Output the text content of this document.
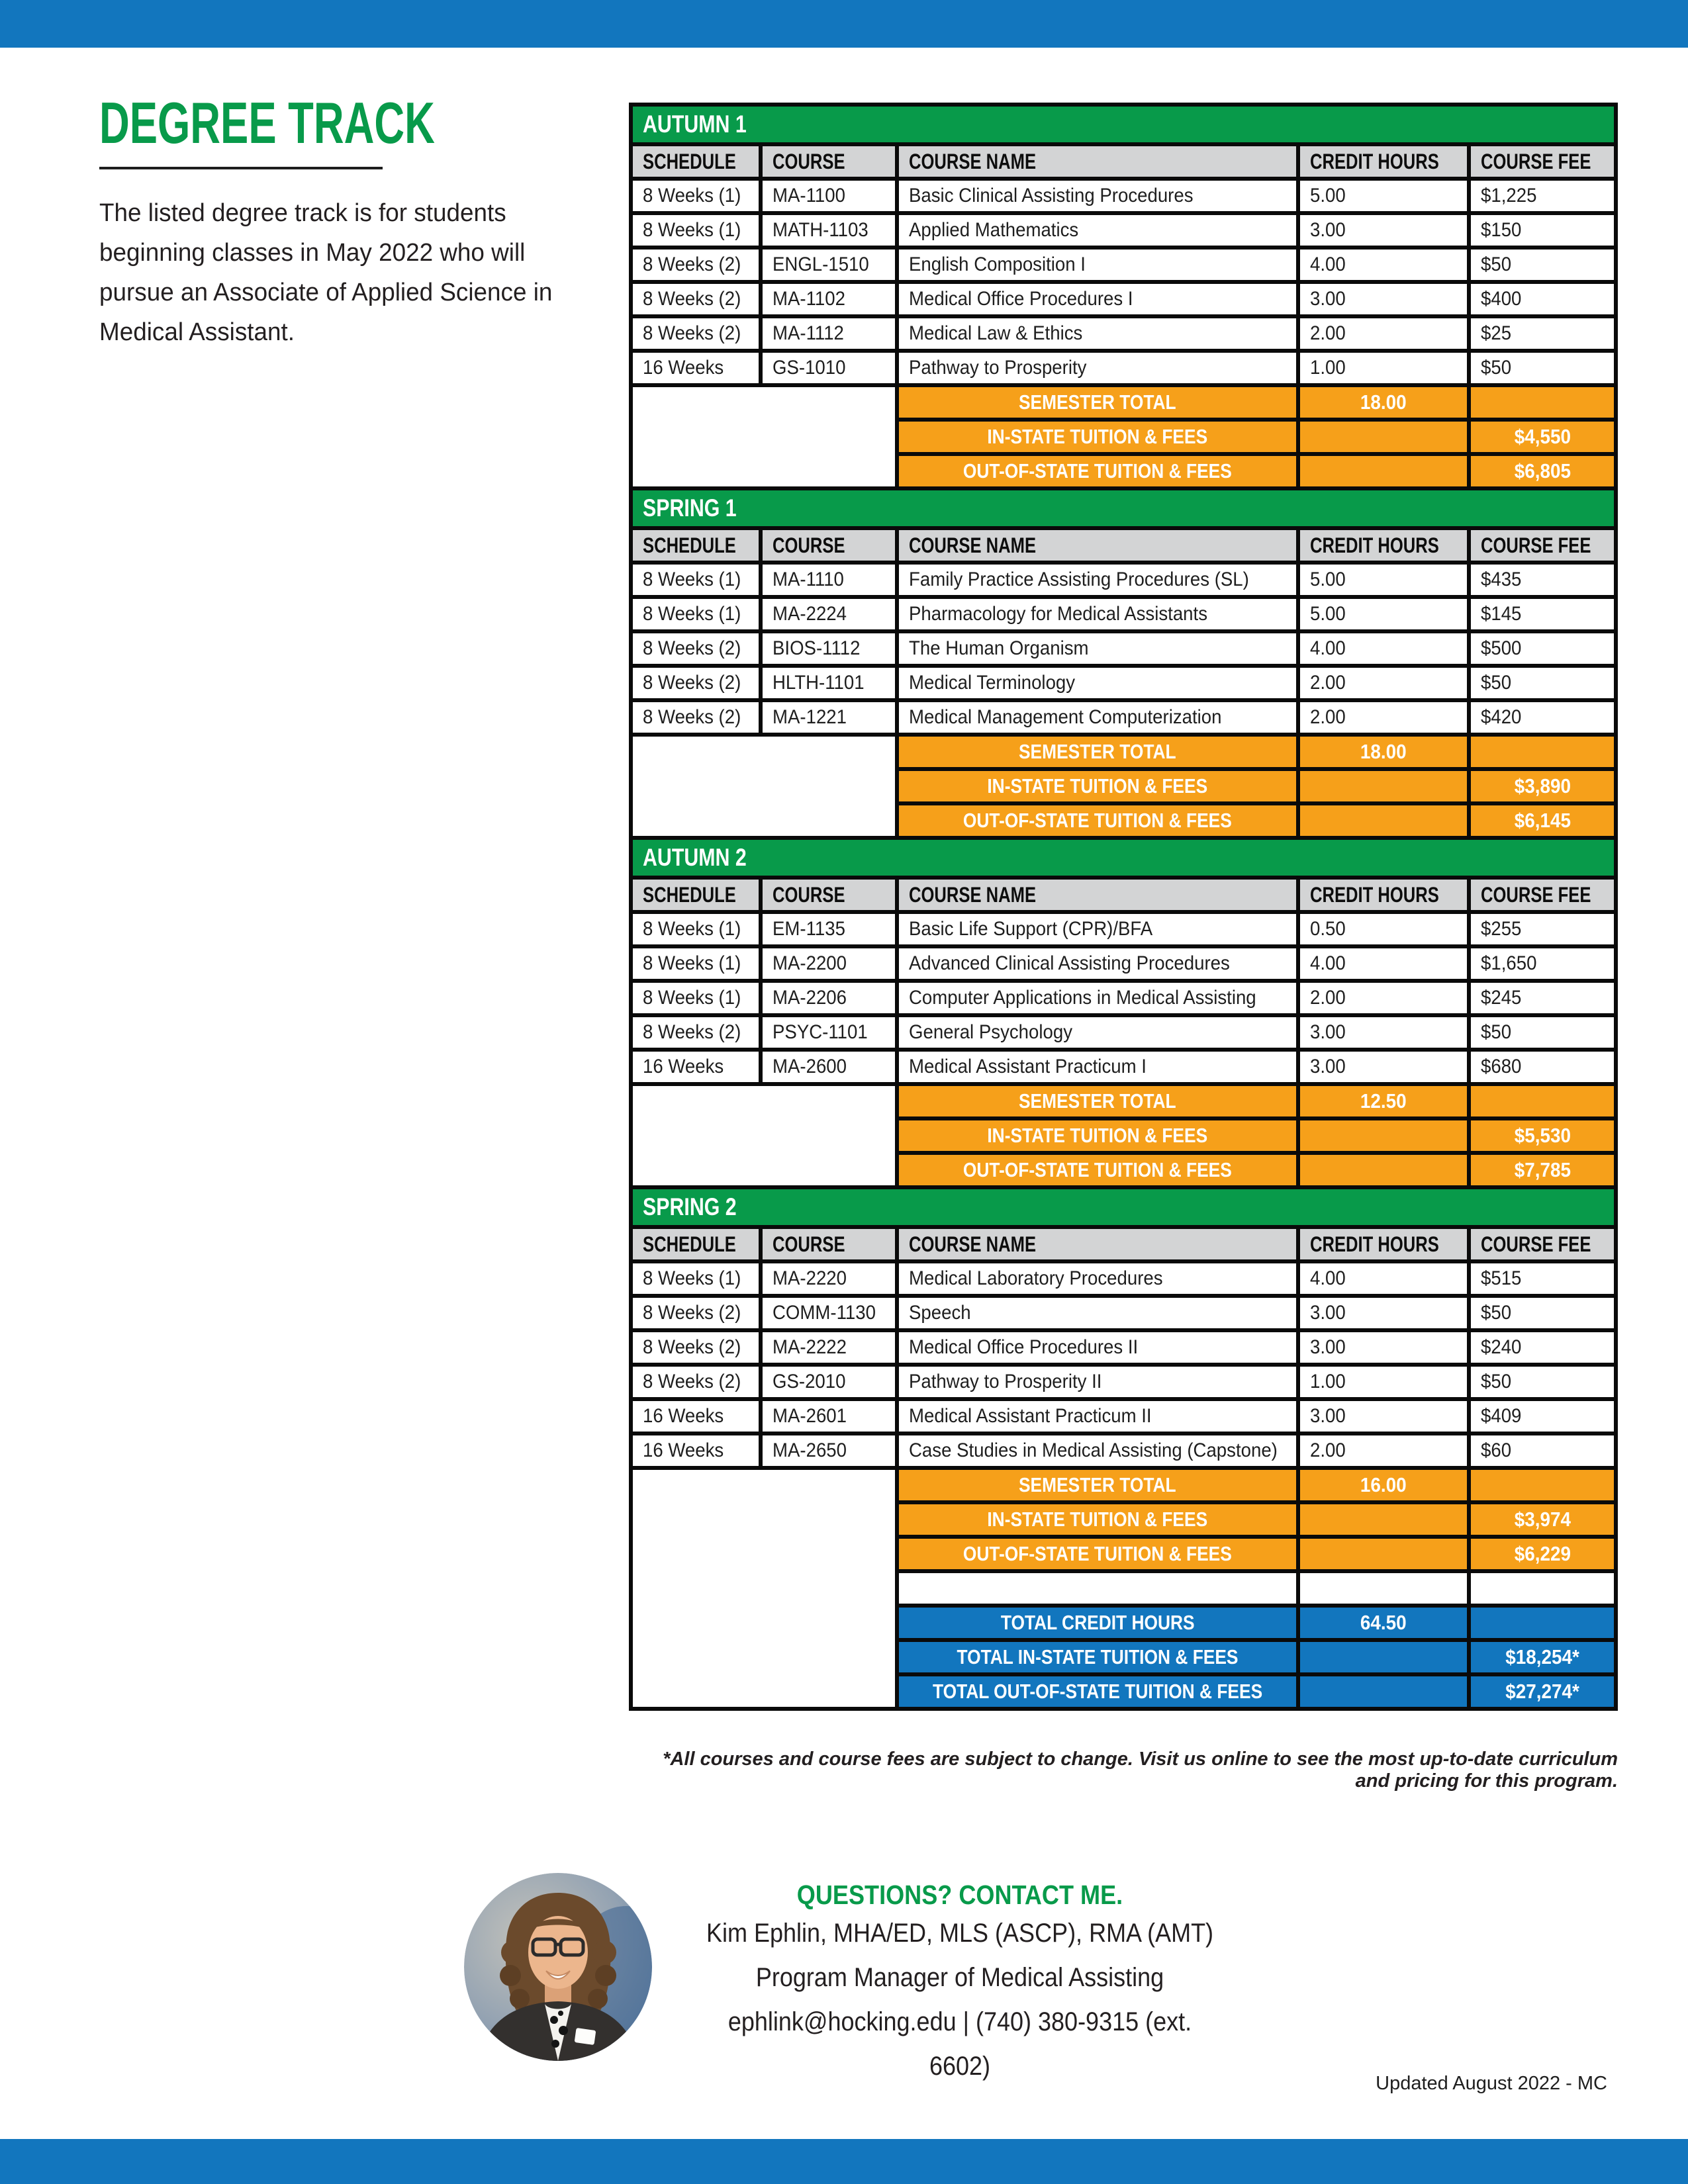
DEGREE TRACK

The listed degree track is for students beginning classes in May 2022 who will pursue an Associate of Applied Science in Medical Assistant.

AUTUMN 1
SCHEDULE COURSE	COURSE NAME	CREDIT HOURS COURSE FEE
8 Weeks (1) MA-1100	Basic Clinical Assisting Procedures	5.00	$1,225
8 Weeks (1) MATH-1103 Applied Mathematics	3.00	$150
8 Weeks (2) ENGL-1510 English Composition I	4.00	$50
8 Weeks (2) MA-1102	Medical Office Procedures I	3.00	$400
8 Weeks (2) MA-1112	Medical Law & Ethics	2.00	$25
16 Weeks GS-1010	Pathway to Prosperity	1.00	$50
SEMESTER TOTAL	18.00
IN-STATE TUITION & FEES	$4,550
OUT-OF-STATE TUITION & FEES	$6,805
SPRING 1
SCHEDULE COURSE	COURSE NAME	CREDIT HOURS COURSE FEE
8 Weeks (1) MA-1110	Family Practice Assisting Procedures (SL)	5.00	$435
8 Weeks (1) MA-2224	Pharmacology for Medical Assistants	5.00	$145
8 Weeks (2) BIOS-1112 The Human Organism	4.00	$500
8 Weeks (2) HLTH-1101 Medical Terminology	2.00	$50
8 Weeks (2) MA-1221	Medical Management Computerization	2.00	$420
SEMESTER TOTAL	18.00
IN-STATE TUITION & FEES	$3,890
OUT-OF-STATE TUITION & FEES	$6,145
AUTUMN 2
SCHEDULE COURSE	COURSE NAME	CREDIT HOURS COURSE FEE
8 Weeks (1) EM-1135	Basic Life Support (CPR)/BFA	0.50	$255
8 Weeks (1) MA-2200	Advanced Clinical Assisting Procedures	4.00	$1,650
8 Weeks (1) MA-2206	Computer Applications in Medical Assisting	2.00	$245
8 Weeks (2) PSYC-1101 General Psychology	3.00	$50
16 Weeks MA-2600	Medical Assistant Practicum I	3.00	$680
SEMESTER TOTAL	12.50
IN-STATE TUITION & FEES	$5,530
OUT-OF-STATE TUITION & FEES	$7,785
SPRING 2
SCHEDULE COURSE	COURSE NAME	CREDIT HOURS COURSE FEE
8 Weeks (1) MA-2220	Medical Laboratory Procedures	4.00	$515
8 Weeks (2) COMM-1130 Speech	3.00	$50
8 Weeks (2) MA-2222	Medical Office Procedures II	3.00	$240
8 Weeks (2) GS-2010	Pathway to Prosperity II	1.00	$50
16 Weeks MA-2601	Medical Assistant Practicum II	3.00	$409
16 Weeks MA-2650	Case Studies in Medical Assisting (Capstone) 2.00	$60
SEMESTER TOTAL	16.00
IN-STATE TUITION & FEES	$3,974
OUT-OF-STATE TUITION & FEES	$6,229
TOTAL CREDIT HOURS	64.50
TOTAL IN-STATE TUITION & FEES	$18,254*
TOTAL OUT-OF-STATE TUITION & FEES	$27,274*

*All courses and course fees are subject to change. Visit us online to see the most up-to-date curriculum and pricing for this program.

QUESTIONS? CONTACT ME.
Kim Ephlin, MHA/ED, MLS (ASCP), RMA (AMT)
Program Manager of Medical Assisting
ephlink@hocking.edu | (740) 380-9315 (ext.
6602)
Updated August 2022 - MC
